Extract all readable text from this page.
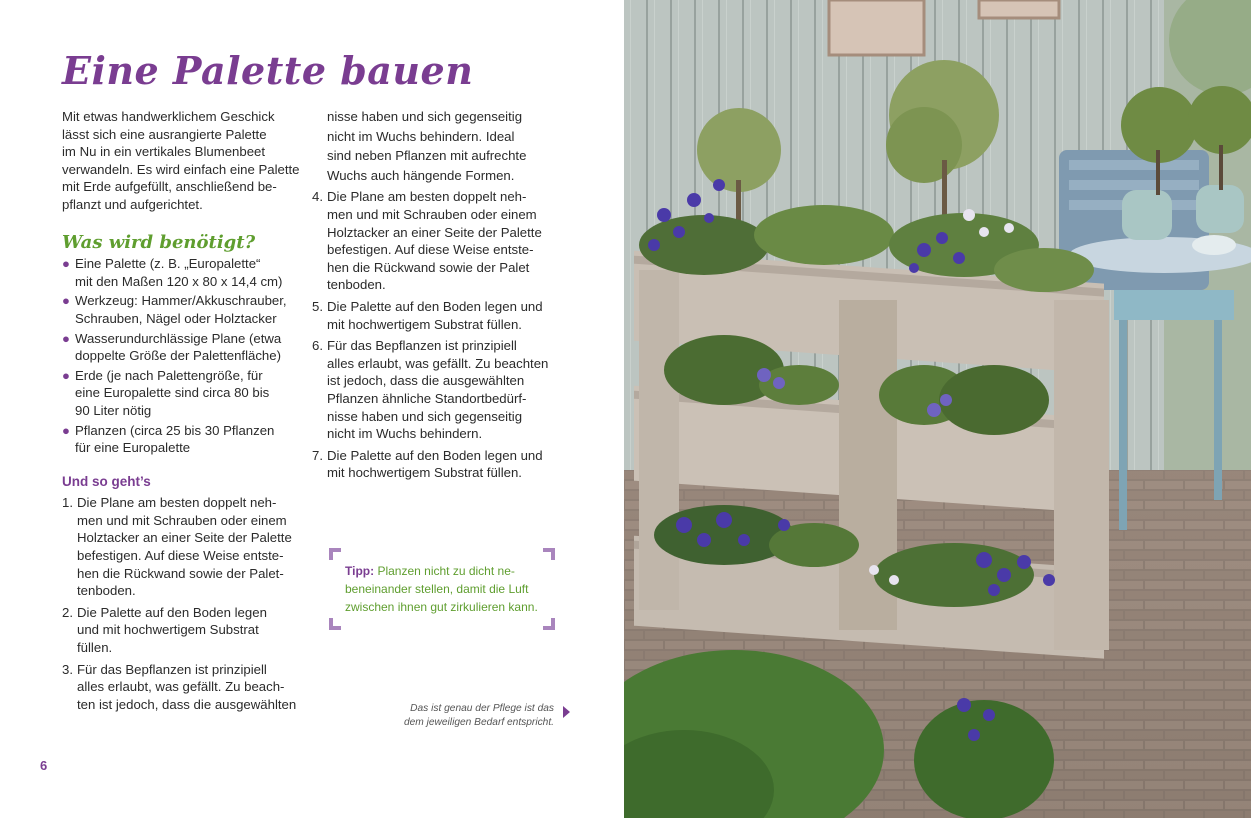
Eine Palette bauen

Mit etwas handwerklichem Geschick

lässt sich eine ausrangierte Palette

im Nu in ein vertikales Blumenbeet

verwandeln. Es wird einfach eine Palette

mit Erde aufgefüllt, anschließend be-

pflanzt und aufgerichtet.

Was wird benötigt?
● Eine Palette (z. B. „Europalette“
mit den Maßen 120 x 80 x 14,4 cm)
● Werkzeug: Hammer/Akkuschrauber,
Schrauben, Nägel oder Holztacker
● Wasserundurchlässige Plane (etwa
doppelte Größe der Palettenfläche)
● Erde (je nach Palettengröße, für
eine Europalette sind circa 80 bis
90 Liter nötig
● Pflanzen (circa 25 bis 30 Pflanzen
für eine Europalette
Und so geht’s
1. Die Plane am besten doppelt neh-
men und mit Schrauben oder einem
Holztacker an einer Seite der Palette
befestigen. Auf diese Weise entste-
hen die Rückwand sowie der Palet-
tenboden.
2. Die Palette auf den Boden legen
und mit hochwertigem Substrat
füllen.
3. Für das Bepflanzen ist prinzipiell
alles erlaubt, was gefällt. Zu beach-
ten ist jedoch, dass die ausgewählten
nisse haben und sich gegenseitig
nicht im Wuchs behindern. Ideal
sind neben Pflanzen mit aufrechte
Wuchs auch hängende Formen.
4. Die Plane am besten doppelt neh-
men und mit Schrauben oder einem
Holztacker an einer Seite der Palette
befestigen. Auf diese Weise entste-
hen die Rückwand sowie der Palet
tenboden.
5. Die Palette auf den Boden legen und
mit hochwertigem Substrat füllen.
6. Für das Bepflanzen ist prinzipiell
alles erlaubt, was gefällt. Zu beachten
ist jedoch, dass die ausgewählten
Pflanzen ähnliche Standortbedürf-
nisse haben und sich gegenseitig
nicht im Wuchs behindern.
7. Die Palette auf den Boden legen und
mit hochwertigem Substrat füllen.
Tipp: Planzen nicht zu dicht ne-
beneinander stellen, damit die Luft
zwischen ihnen gut zirkulieren kann.
Das ist genau der Pflege ist das
dem jeweiligen Bedarf entspricht.
6
